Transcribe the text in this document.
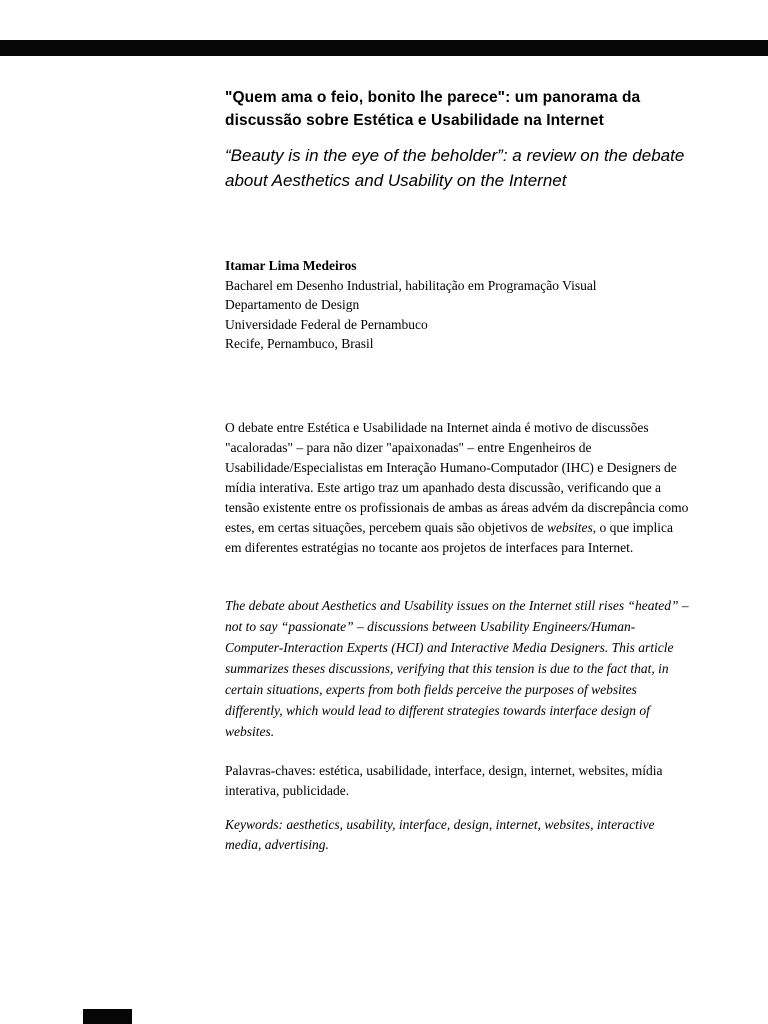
"Quem ama o feio, bonito lhe parece": um panorama da discussão sobre Estética e Usabilidade na Internet
“Beauty is in the eye of the beholder”: a review on the debate about Aesthetics and Usability on the Internet

Itamar Lima Medeiros

Bacharel em Desenho Industrial, habilitação em Programação Visual

Departamento de Design

Universidade Federal de Pernambuco

Recife, Pernambuco, Brasil

O debate entre Estética e Usabilidade na Internet ainda é motivo de discussões "acaloradas" – para não dizer "apaixonadas" – entre Engenheiros de Usabilidade/Especialistas em Interação Humano-Computador (IHC) e Designers de mídia interativa. Este artigo traz um apanhado desta discussão, verificando que a tensão existente entre os profissionais de ambas as áreas advém da discrepância como estes, em certas situações, percebem quais são objetivos de websites, o que implica em diferentes estratégias no tocante aos projetos de interfaces para Internet.

The debate about Aesthetics and Usability issues on the Internet still rises “heated” – not to say “passionate” – discussions between Usability Engineers/Human-Computer-Interaction Experts (HCI) and Interactive Media Designers. This article summarizes theses discussions, verifying that this tension is due to the fact that, in certain situations, experts from both fields perceive the purposes of websites differently, which would lead to different strategies towards interface design of websites.

Palavras-chaves: estética, usabilidade, interface, design, internet, websites, mídia interativa, publicidade.

Keywords: aesthetics, usability, interface, design, internet, websites, interactive media, advertising.
